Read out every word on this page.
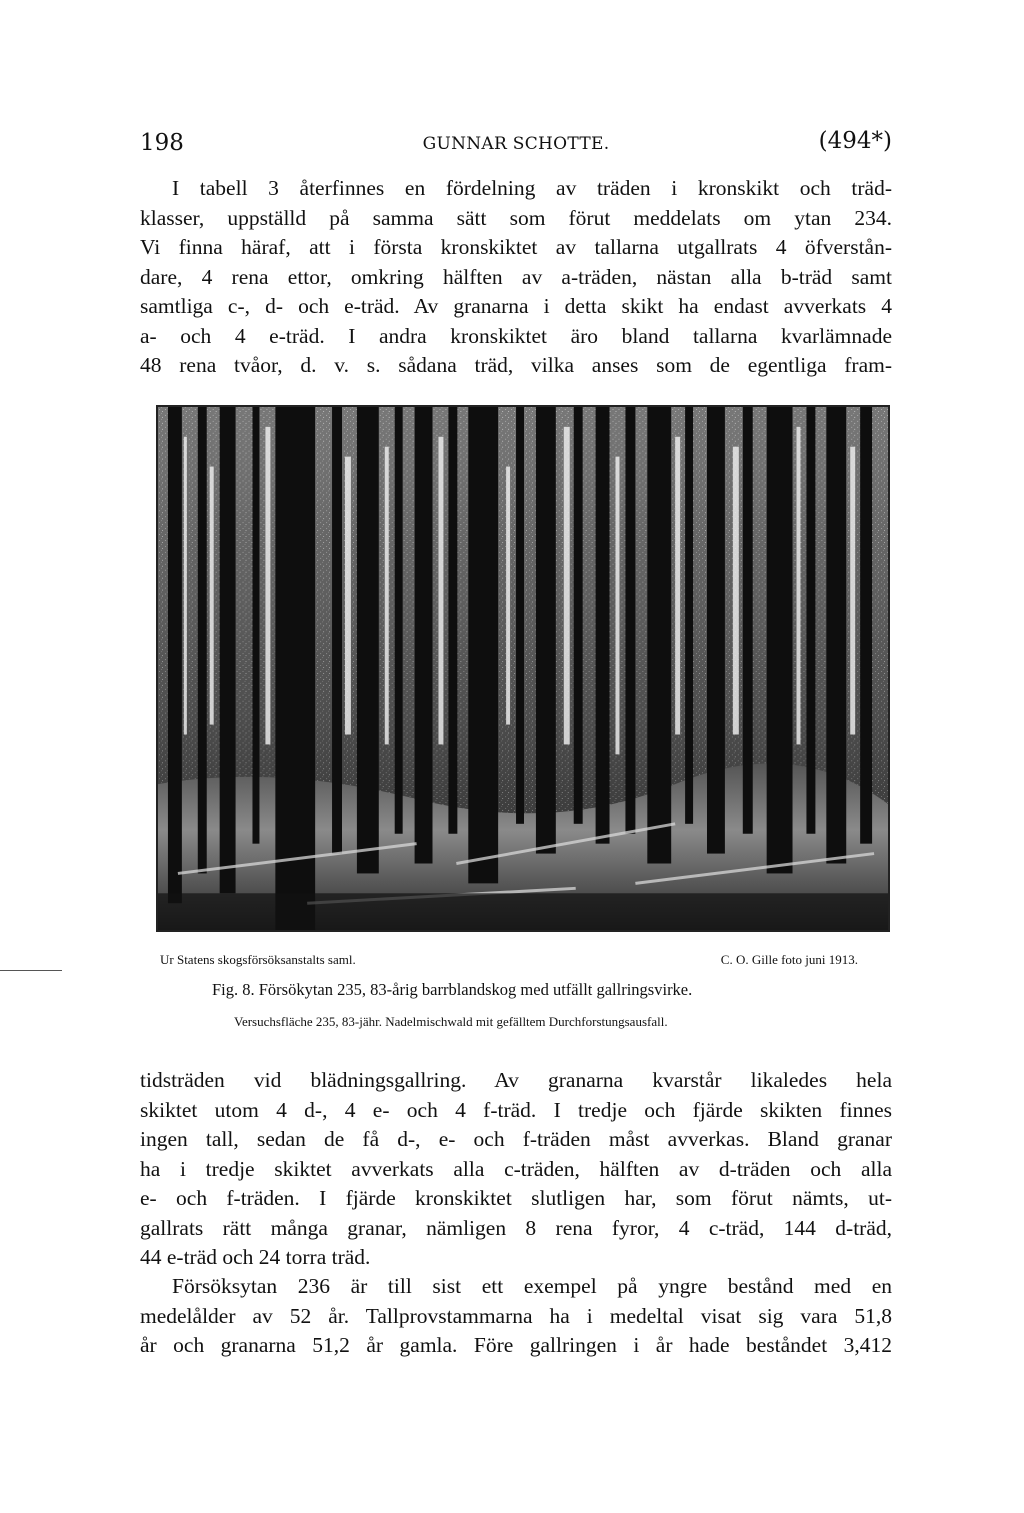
198	GUNNAR SCHOTTE.	(494*)
I tabell 3 återfinnes en fördelning av träden i kronskikt och träd-
klasser, uppställd på samma sätt som förut meddelats om ytan 234.
Vi finna häraf, att i första kronskiktet av tallarna utgallrats 4 öfverstån-
dare, 4 rena ettor, omkring hälften av a-träden, nästan alla b-träd samt
samtliga c-, d- och e-träd. Av granarna i detta skikt ha endast avverkats 4
a- och 4 e-träd. I andra kronskiktet äro bland tallarna kvarlämnade
48 rena tvåor, d. v. s. sådana träd, vilka anses som de egentliga fram-
Ur Statens skogsförsöksanstalts saml.	C. O. Gille foto juni 1913.
Fig. 8. Försökytan 235, 83-årig barrblandskog med utfällt gallringsvirke.
Versuchsfläche 235, 83-jähr. Nadelmischwald mit gefälltem Durchforstungsausfall.
tidsträden vid blädningsgallring. Av granarna kvarstår likaledes hela
skiktet utom 4 d-, 4 e- och 4 f-träd. I tredje och fjärde skikten finnes
ingen tall, sedan de få d-, e- och f-träden måst avverkas. Bland granar
ha i tredje skiktet avverkats alla c-träden, hälften av d-träden och alla
e- och f-träden. I fjärde kronskiktet slutligen har, som förut nämts, ut-
gallrats rätt många granar, nämligen 8 rena fyror, 4 c-träd, 144 d-träd,
44 e-träd och 24 torra träd.
Försöksytan 236 är till sist ett exempel på yngre bestånd med en
medelålder av 52 år. Tallprovstammarna ha i medeltal visat sig vara 51,8
år och granarna 51,2 år gamla. Före gallringen i år hade beståndet 3,412
